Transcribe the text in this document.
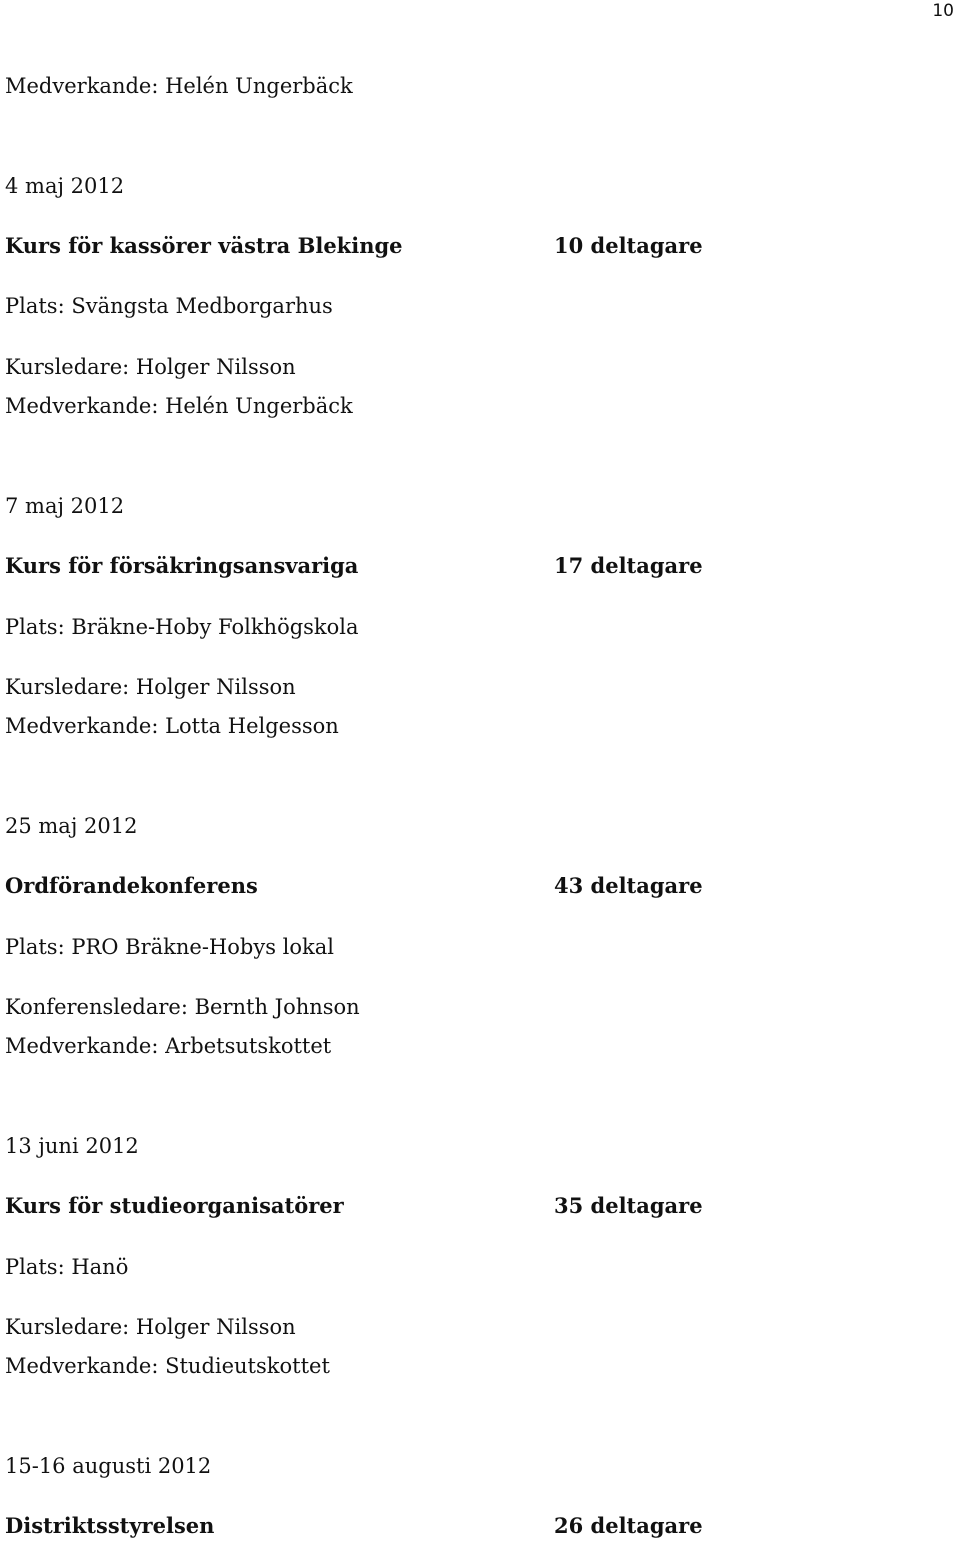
10
Medverkande: Helén Ungerbäck
4 maj 2012
Kurs för kassörer västra Blekinge	10 deltagare
Plats: Svängsta Medborgarhus
Kursledare: Holger Nilsson
Medverkande: Helén Ungerbäck
7 maj 2012
Kurs för försäkringsansvariga	17 deltagare
Plats: Bräkne-Hoby Folkhögskola
Kursledare: Holger Nilsson
Medverkande: Lotta Helgesson
25 maj 2012
Ordförandekonferens	43 deltagare
Plats: PRO Bräkne-Hobys lokal
Konferensledare: Bernth Johnson
Medverkande: Arbetsutskottet
13 juni 2012
Kurs för studieorganisatörer	35 deltagare
Plats: Hanö
Kursledare: Holger Nilsson
Medverkande: Studieutskottet
15-16 augusti 2012
Distriktsstyrelsen	26 deltagare
